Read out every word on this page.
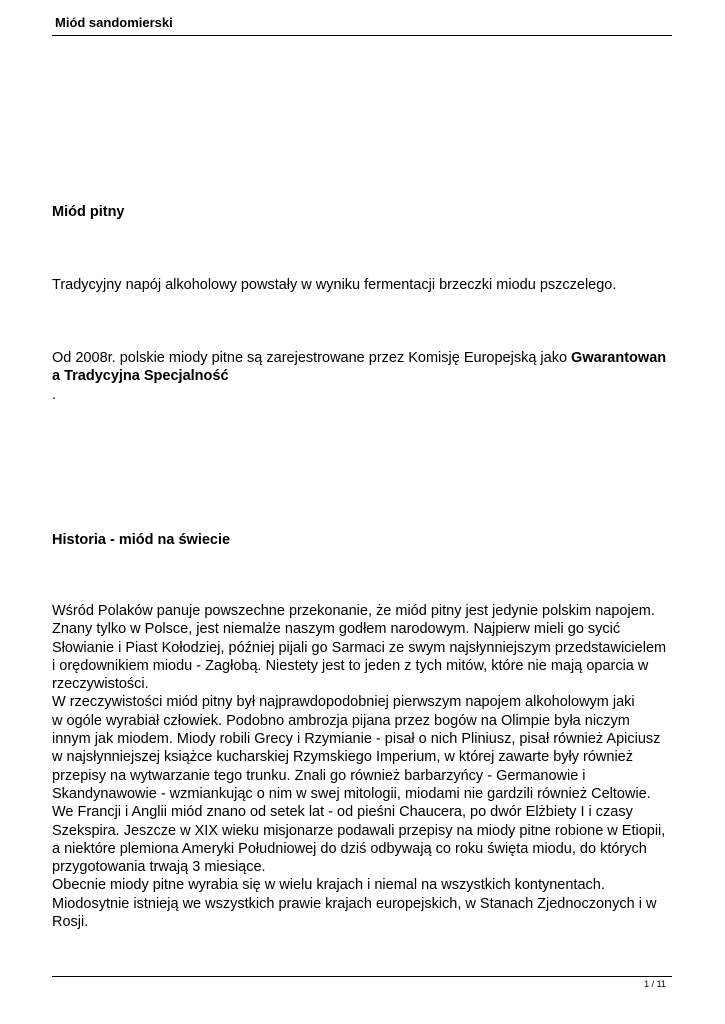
Miód sandomierski
Miód pitny
Tradycyjny napój alkoholowy powstały w wyniku fermentacji brzeczki miodu pszczelego.
Od 2008r. polskie miody pitne są zarejestrowane przez Komisję Europejską jako Gwarantowan
a Tradycyjna Specjalność
.
Historia - miód na świecie
Wśród Polaków panuje powszechne przekonanie, że miód pitny jest jedynie polskim napojem.
Znany tylko w Polsce, jest niemalże naszym godłem narodowym. Najpierw mieli go sycić
Słowianie i Piast Kołodziej, później pijali go Sarmaci ze swym najsłynniejszym przedstawicielem
i orędownikiem miodu - Zagłobą. Niestety jest to jeden z tych mitów, które nie mają oparcia w
rzeczywistości.
W rzeczywistości miód pitny był najprawdopodobniej pierwszym napojem alkoholowym jaki
w ogóle wyrabiał człowiek. Podobno ambrozja pijana przez bogów na Olimpie była niczym
innym jak miodem. Miody robili Grecy i Rzymianie - pisał o nich Pliniusz, pisał również Apiciusz
w najsłynniejszej książce kucharskiej Rzymskiego Imperium, w której zawarte były również
przepisy na wytwarzanie tego trunku. Znali go również barbarzyńcy - Germanowie i
Skandynawowie - wzmiankując o nim w swej mitologii, miodami nie gardzili również Celtowie.
We Francji i Anglii miód znano od setek lat - od pieśni Chaucera, po dwór Elżbiety I i czasy
Szekspira. Jeszcze w XIX wieku misjonarze podawali przepisy na miody pitne robione w Etiopii,
a niektóre plemiona Ameryki Południowej do dziś odbywają co roku święta miodu, do których
przygotowania trwają 3 miesiące.
Obecnie miody pitne wyrabia się w wielu krajach i niemal na wszystkich kontynentach.
Miodosytnie istnieją we wszystkich prawie krajach europejskich, w Stanach Zjednoczonych i w
Rosji.
1 / 11
